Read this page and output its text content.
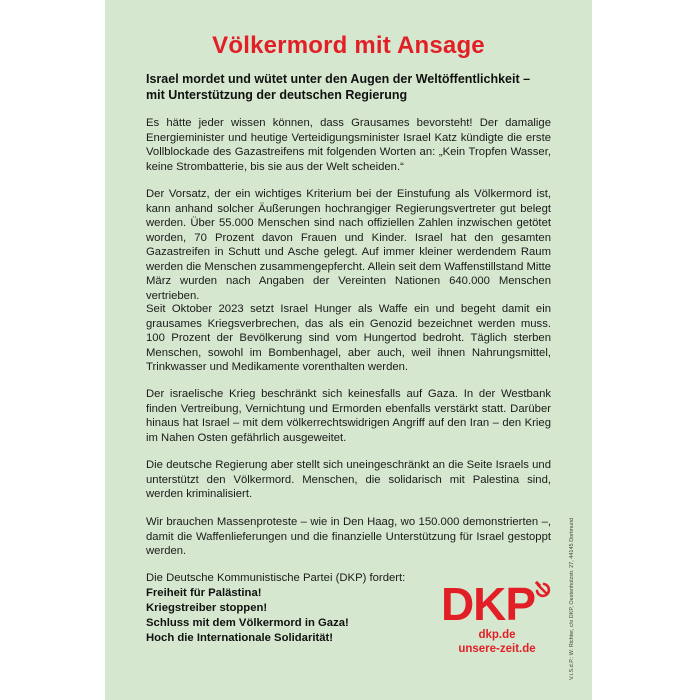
Völkermord mit Ansage
Israel mordet und wütet unter den Augen der Weltöffentlichkeit – mit Unterstützung der deutschen Regierung
Es hätte jeder wissen können, dass Grausames bevorsteht! Der damalige Energieminister und heutige Verteidigungsminister Israel Katz kündigte die erste Vollblockade des Gazastreifens mit folgenden Worten an: „Kein Tropfen Wasser, keine Strombatterie, bis sie aus der Welt scheiden.“
Der Vorsatz, der ein wichtiges Kriterium bei der Einstufung als Völkermord ist, kann anhand solcher Äußerungen hochrangiger Regierungsvertreter gut belegt werden. Über 55.000 Menschen sind nach offiziellen Zahlen inzwischen getötet worden, 70 Prozent davon Frauen und Kinder. Israel hat den gesamten Gazastreifen in Schutt und Asche gelegt. Auf immer kleiner werdendem Raum werden die Menschen zusammengepfercht. Allein seit dem Waffenstillstand Mitte März wurden nach Angaben der Vereinten Nationen 640.000 Menschen vertrieben.
Seit Oktober 2023 setzt Israel Hunger als Waffe ein und begeht damit ein grausames Kriegsverbrechen, das als ein Genozid bezeichnet werden muss. 100 Prozent der Bevölkerung sind vom Hungertod bedroht. Täglich sterben Menschen, sowohl im Bombenhagel, aber auch, weil ihnen Nahrungsmittel, Trinkwasser und Medikamente vorenthalten werden.
Der israelische Krieg beschränkt sich keinesfalls auf Gaza. In der Westbank finden Vertreibung, Vernichtung und Ermorden ebenfalls verstärkt statt. Darüber hinaus hat Israel – mit dem völkerrechtswidrigen Angriff auf den Iran – den Krieg im Nahen Osten gefährlich ausgeweitet.
Die deutsche Regierung aber stellt sich uneingeschränkt an die Seite Israels und unterstützt den Völkermord. Menschen, die solidarisch mit Palestina sind, werden kriminalisiert.
Wir brauchen Massenproteste – wie in Den Haag, wo 150.000 demonstrierten –, damit die Waffenlieferungen und die finanzielle Unterstützung für Israel gestoppt werden.
Die Deutsche Kommunistische Partei (DKP) fordert:
Freiheit für Palästina!
Kriegstreiber stoppen!
Schluss mit dem Völkermord in Gaza!
Hoch die Internationale Solidarität!
DKP
dkp.de
unsere-zeit.de	V.i.S.d.P.: W. Richter, c/o DKP, Oestenholzstr. 27, 44145 Dortmund
